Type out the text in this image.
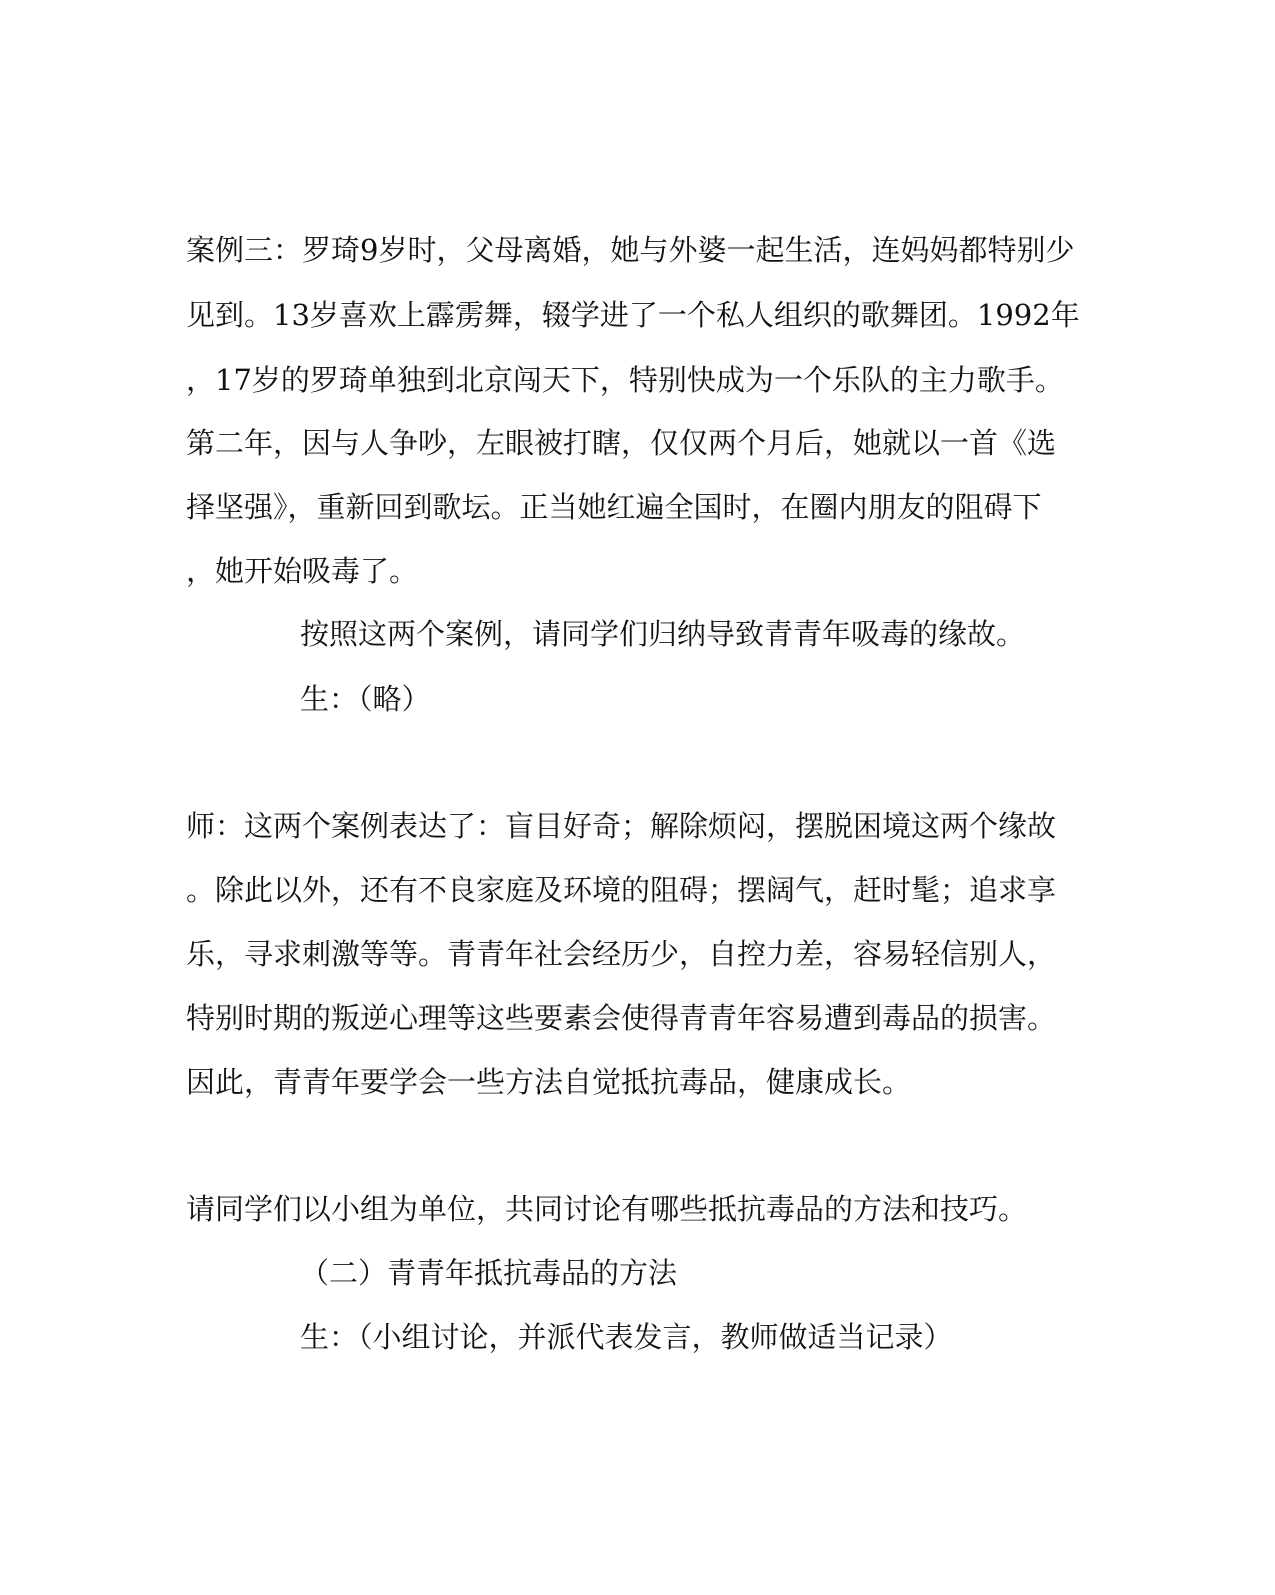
案例三：罗琦9岁时，父母离婚，她与外婆一起生活，连妈妈都特别少
见到。13岁喜欢上霹雳舞，辍学进了一个私人组织的歌舞团。1992年
，17岁的罗琦单独到北京闯天下，特别快成为一个乐队的主力歌手。
第二年，因与人争吵，左眼被打瞎，仅仅两个月后，她就以一首《选
择坚强》，重新回到歌坛。正当她红遍全国时，在圈内朋友的阻碍下
，她开始吸毒了。
按照这两个案例，请同学们归纳导致青青年吸毒的缘故。
生：（略）
师：这两个案例表达了：盲目好奇；解除烦闷，摆脱困境这两个缘故
。除此以外，还有不良家庭及环境的阻碍；摆阔气，赶时髦；追求享
乐，寻求刺激等等。青青年社会经历少，自控力差，容易轻信别人，
特别时期的叛逆心理等这些要素会使得青青年容易遭到毒品的损害。
因此，青青年要学会一些方法自觉抵抗毒品，健康成长。
请同学们以小组为单位，共同讨论有哪些抵抗毒品的方法和技巧。
（二）青青年抵抗毒品的方法
生：（小组讨论，并派代表发言，教师做适当记录）
